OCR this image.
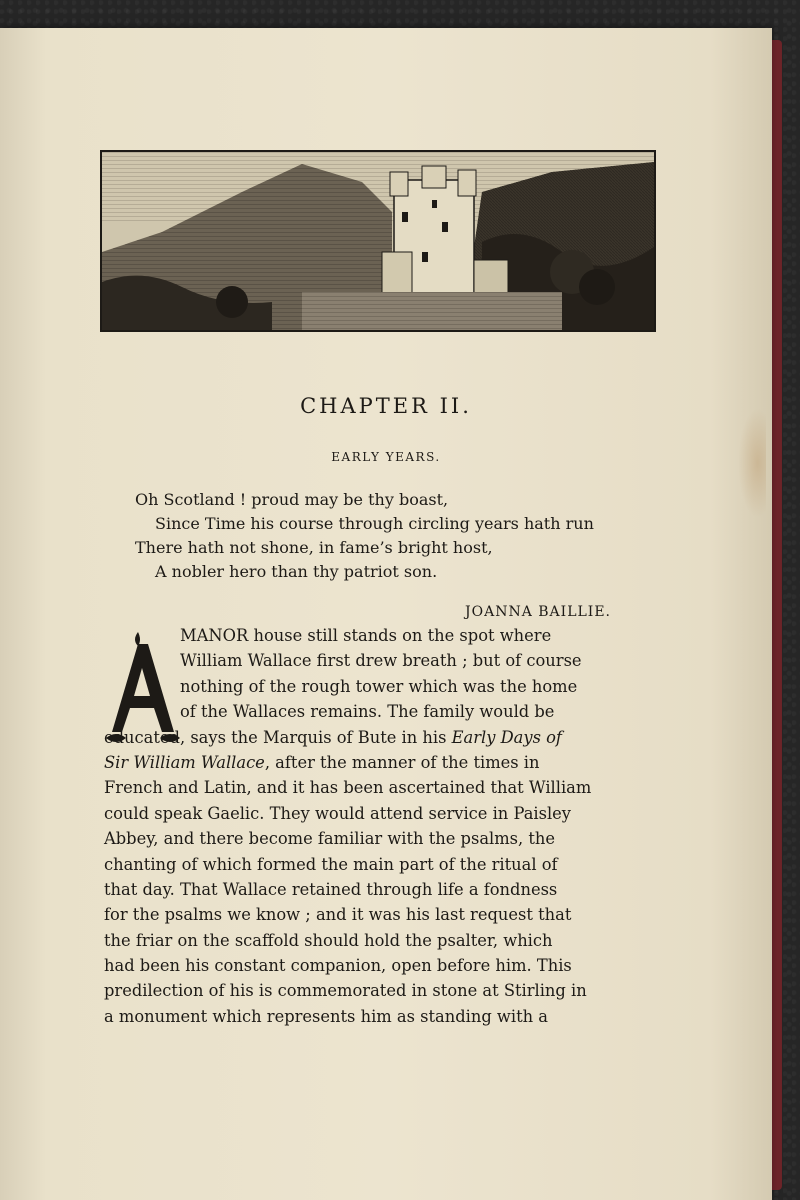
CHAPTER II.
EARLY YEARS.
Oh Scotland ! proud may be thy boast,
Since Time his course through circling years hath run
There hath not shone, in fame’s bright host,
A nobler hero than thy patriot son.
JOANNA BAILLIE.
MANOR house still stands on the spot where
William Wallace first drew breath ; but of course
nothing of the rough tower which was the home
of the Wallaces remains. The family would be
educated, says the Marquis of Bute in his Early Days of
Sir William Wallace, after the manner of the times in
French and Latin, and it has been ascertained that William
could speak Gaelic. They would attend service in Paisley
Abbey, and there become familiar with the psalms, the
chanting of which formed the main part of the ritual of
that day. That Wallace retained through life a fondness
for the psalms we know ; and it was his last request that
the friar on the scaffold should hold the psalter, which
had been his constant companion, open before him. This
predilection of his is commemorated in stone at Stirling in
a monument which represents him as standing with a
